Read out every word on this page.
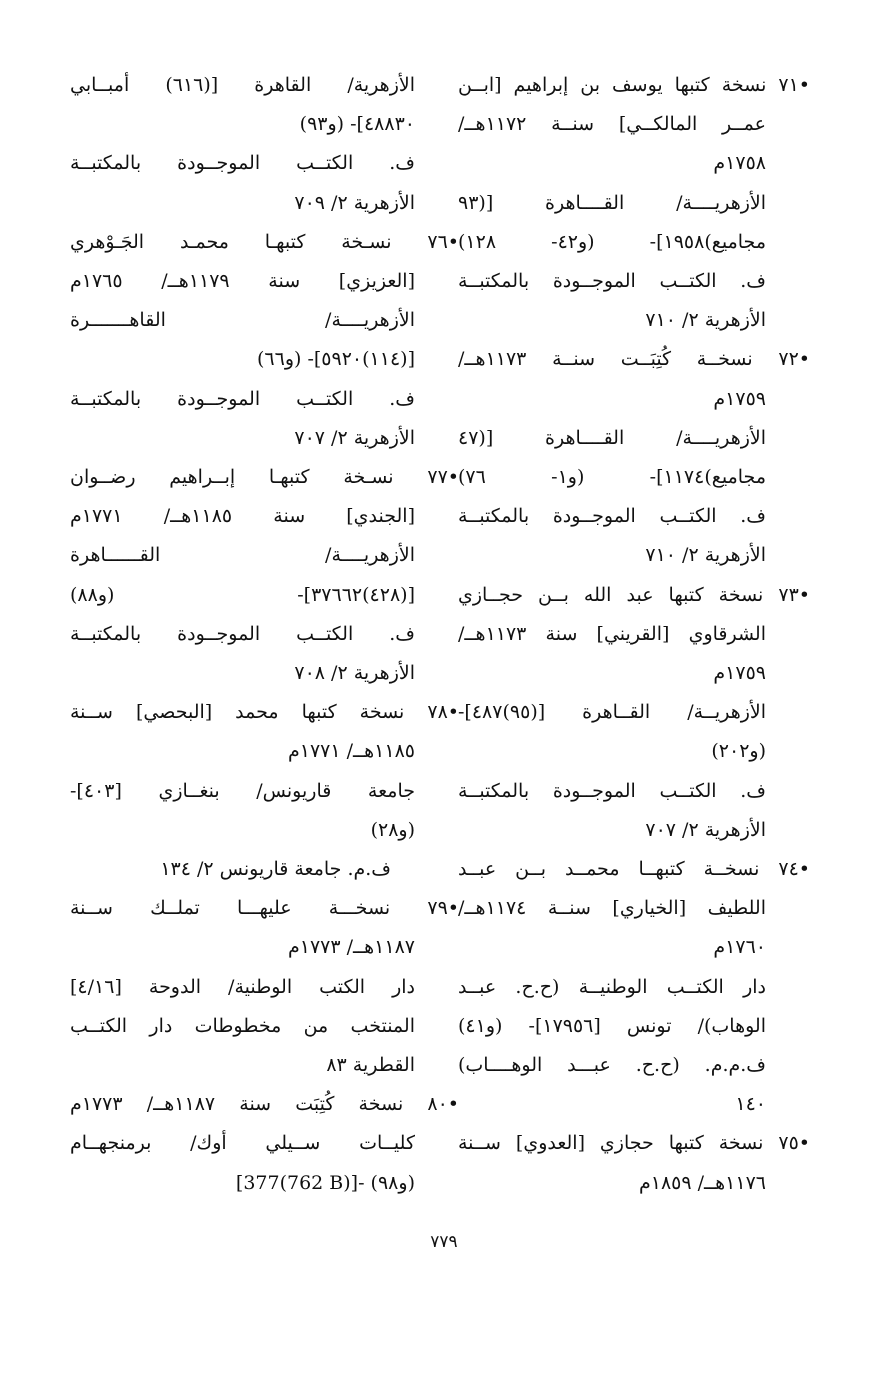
•٧١ نسخة كتبها يوسف بن إبراهيم [ابــن
عمــر المالكــي] سنــة ١١٧٢هــ/
١٧٥٨م
الأزهريــــة/ القــــاهرة [(٩٣
مجاميع)١٩٥٨]- (و٤٢- ١٢٨)
ف. الكتــب الموجــودة بالمكتبــة
الأزهرية ٢/ ٧١٠
•٧٢ نسخــة كُتِبَــت سنــة ١١٧٣هــ/
١٧٥٩م
الأزهريــــة/ القــــاهرة [(٤٧
مجاميع)١١٧٤]- (و١- ٧٦)
ف. الكتــب الموجــودة بالمكتبــة
الأزهرية ٢/ ٧١٠
•٧٣ نسخة كتبها عبد الله بــن حجــازي
الشرقاوي [القريني] سنة ١١٧٣هــ/
١٧٥٩م
الأزهريــة/ القــاهرة [(٩٥)٤٨٧]-
(و٢٠٢)
ف. الكتــب الموجــودة بالمكتبــة
الأزهرية ٢/ ٧٠٧
•٧٤ نسخــة كتبهــا محمــد بــن عبــد
اللطيف [الخياري] سنــة ١١٧٤هــ/
١٧٦٠م
دار الكتــب الوطنيــة (ح.ح. عبــد
الوهاب)/ تونس [١٧٩٥٦]- (و٤١)
ف.م.م. (ح.ح. عبـــد الوهــــاب)
١٤٠
•٧٥ نسخة كتبها حجازي [العدوي] ســنة
١١٧٦هــ/ ١٨٥٩م
الأزهرية/ القاهرة [(٦١٦) أمبــابي
٤٨٨٣٠]- (و٩٣)
ف. الكتــب الموجــودة بالمكتبــة
الأزهرية ٢/ ٧٠٩
•٧٦ نسـخة كتبهـا محمـد الجَـوْهري
[العزيزي] سنة ١١٧٩هــ/ ١٧٦٥م
الأزهريــــة/ القاهـــــــرة
[(١١٤)٥٩٢٠]- (و٦٦)
ف. الكتــب الموجــودة بالمكتبــة
الأزهرية ٢/ ٧٠٧
•٧٧ نسـخة كتبهـا إبــراهيم رضــوان
[الجندي] سنة ١١٨٥هــ/ ١٧٧١م
الأزهريــــة/ القــــــاهرة
[(٤٢٨)٣٧٦٦٢]- (و٨٨)
ف. الكتــب الموجــودة بالمكتبــة
الأزهرية ٢/ ٧٠٨
•٧٨ نسخة كتبها محمد [البحصي] ســنة
١١٨٥هــ/ ١٧٧١م
جامعة قاريونس/ بنغــازي [٤٠٣]-
(و٢٨)
ف.م. جامعة قاريونس ٢/ ١٣٤
•٧٩ نسخـــة عليهـــا تملــك ســنة
١١٨٧هــ/ ١٧٧٣م
دار الكتب الوطنية/ الدوحة [٤/١٦]
المنتخب من مخطوطات دار الكتــب
القطرية ٨٣
•٨٠ نسخة كُتِبَت سنة ١١٨٧هــ/ ١٧٧٣م
كليــات ســيلي أوك/ برمنجهــام
[377(762 B)]- (و٩٨)
٧٧٩
